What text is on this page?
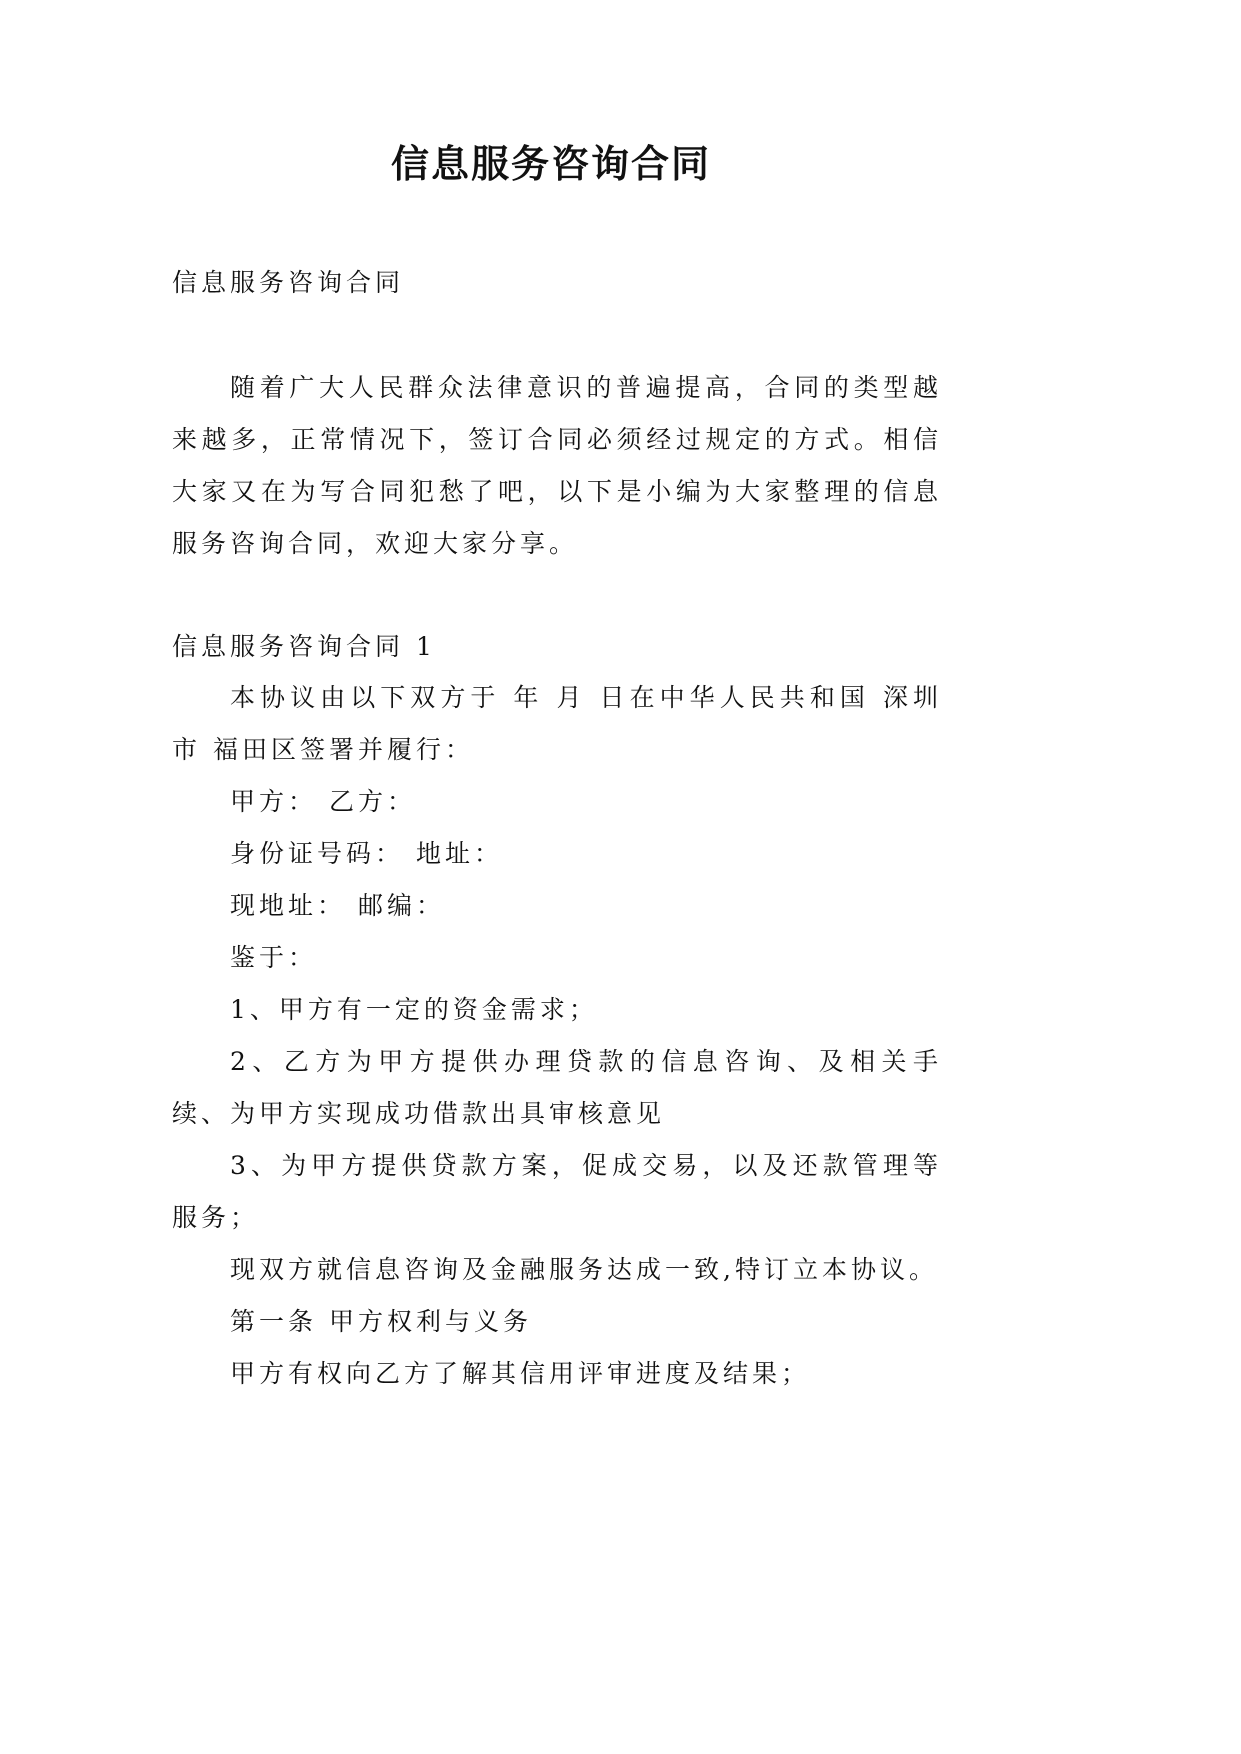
信息服务咨询合同

信息服务咨询合同

随着广大人民群众法律意识的普遍提高，合同的类型越来越多，正常情况下，签订合同必须经过规定的方式。相信大家又在为写合同犯愁了吧，以下是小编为大家整理的信息服务咨询合同，欢迎大家分享。

信息服务咨询合同 1

本协议由以下双方于 年 月 日在中华人民共和国 深圳 市 福田区签署并履行：

甲方： 乙方：

身份证号码： 地址：

现地址： 邮编：

鉴于：

1、甲方有一定的资金需求；

2、乙方为甲方提供办理贷款的信息咨询、及相关手续、为甲方实现成功借款出具审核意见

3、为甲方提供贷款方案，促成交易，以及还款管理等服务；

现双方就信息咨询及金融服务达成一致,特订立本协议。

第一条 甲方权利与义务

甲方有权向乙方了解其信用评审进度及结果；
